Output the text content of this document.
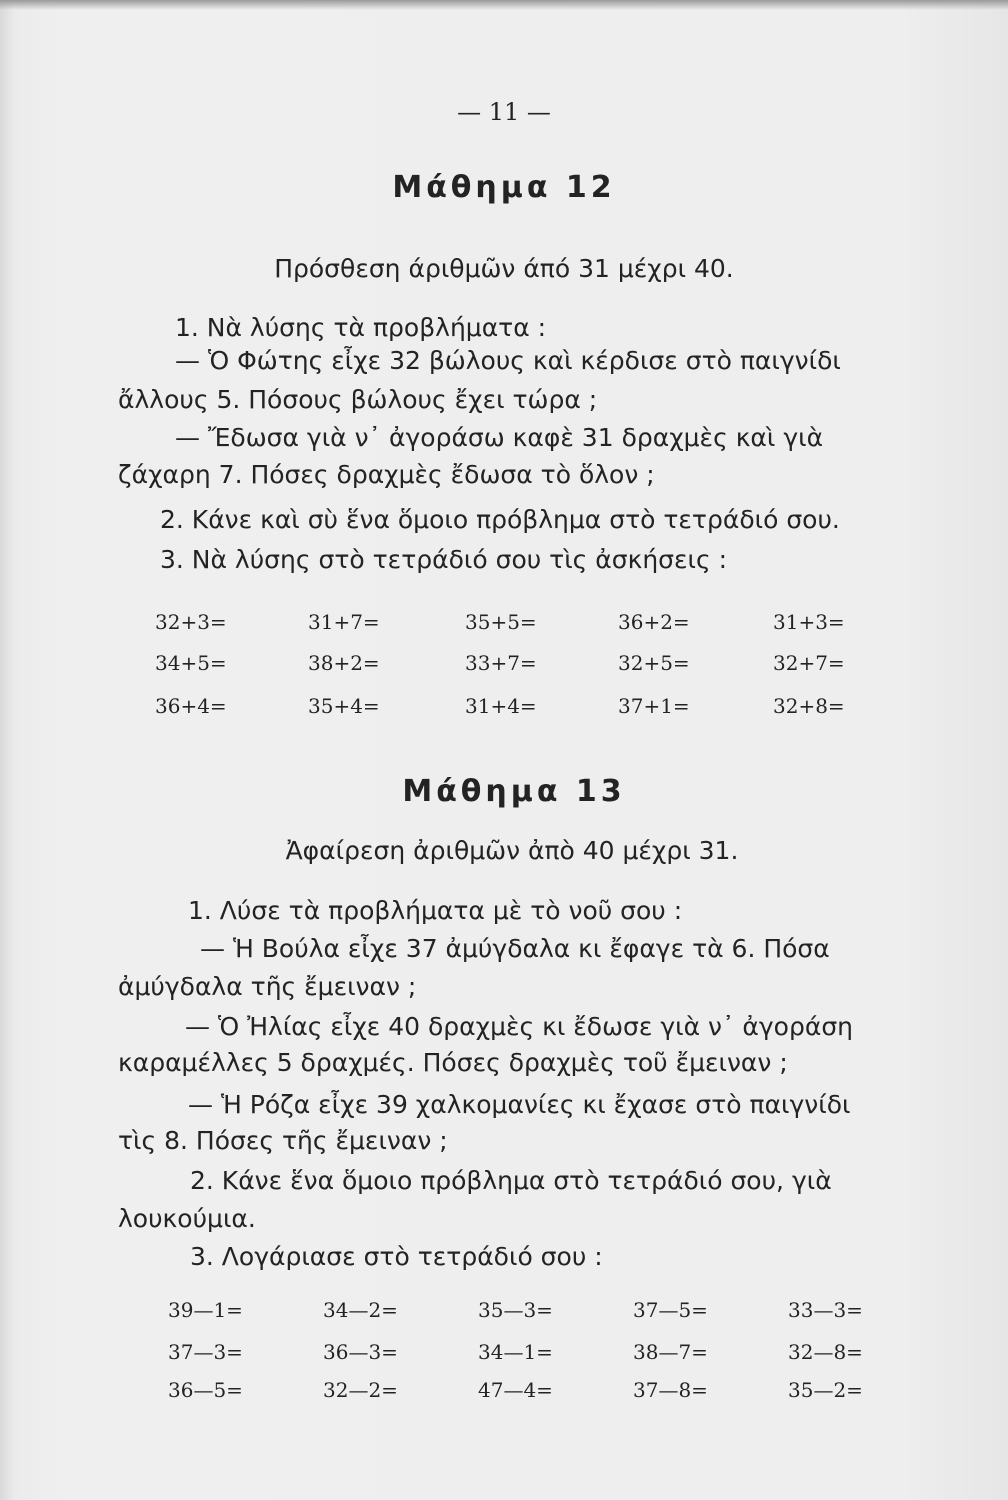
— 11 —
Μάθημα 12
Πρόσθεση άριθμῶν άπό 31 μέχρι 40.
1. Νὰ λύσης τὰ προβλήματα :
— Ὁ Φώτης εἶχε 32 βώλους καὶ κέρδισε στὸ παιγνίδι
ἄλλους 5. Πόσους βώλους ἔχει τώρα ;
— Ἔδωσα γιὰ ν᾽ ἀγοράσω καφὲ 31 δραχμὲς καὶ γιὰ
ζάχαρη 7. Πόσες δραχμὲς ἔδωσα τὸ ὅλον ;
2. Κάνε καὶ σὺ ἕνα ὅμοιο πρόβλημα στὸ τετράδιό σου.
3. Νὰ λύσης στὸ τετράδιό σου τὶς ἀσκήσεις :
32+3=	31+7=	35+5=	36+2=	31+3=
34+5=	38+2=	33+7=	32+5=	32+7=
36+4=	35+4=	31+4=	37+1=	32+8=
Μάθημα 13
Ἀφαίρεση ἀριθμῶν ἀπὸ 40 μέχρι 31.
1. Λύσε τὰ προβλήματα μὲ τὸ νοῦ σου :
— Ἡ Βούλα εἶχε 37 ἀμύγδαλα κι ἔφαγε τὰ 6. Πόσα
ἀμύγδαλα τῆς ἔμειναν ;
— Ὁ Ἠλίας εἶχε 40 δραχμὲς κι ἔδωσε γιὰ ν᾽ ἀγοράση
καραμέλλες 5 δραχμές. Πόσες δραχμὲς τοῦ ἔμειναν ;
— Ἡ Ρόζα εἶχε 39 χαλκομανίες κι ἔχασε στὸ παιγνίδι
τὶς 8. Πόσες τῆς ἔμειναν ;
2. Κάνε ἕνα ὅμοιο πρόβλημα στὸ τετράδιό σου, γιὰ
λουκούμια.
3. Λογάριασε στὸ τετράδιό σου :
39—1=	34—2=	35—3=	37—5=	33—3=
37—3=	36—3=	34—1=	38—7=	32—8=
36—5=	32—2=	47—4=	37—8=	35—2=
